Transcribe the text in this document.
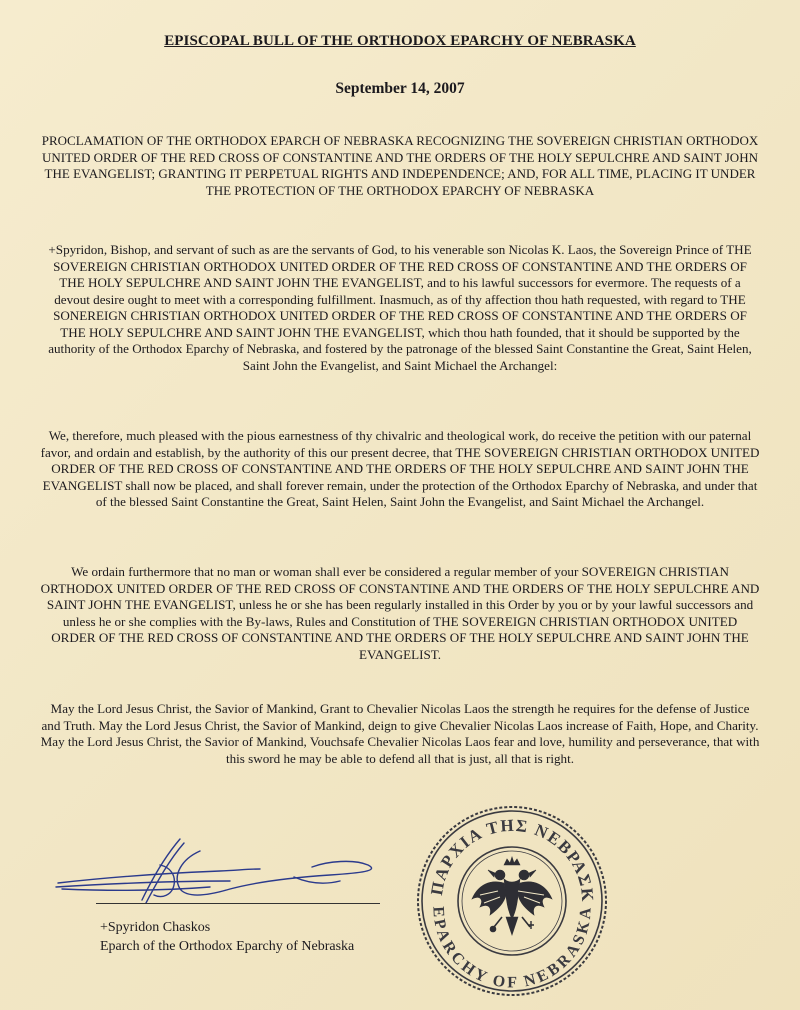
EPISCOPAL BULL OF THE ORTHODOX EPARCHY OF NEBRASKA
September 14, 2007

PROCLAMATION OF THE ORTHODOX EPARCH OF NEBRASKA RECOGNIZING THE SOVEREIGN CHRISTIAN ORTHODOX UNITED ORDER OF THE RED CROSS OF CONSTANTINE AND THE ORDERS OF THE HOLY SEPULCHRE AND SAINT JOHN THE EVANGELIST; GRANTING IT PERPETUAL RIGHTS AND INDEPENDENCE; AND, FOR ALL TIME, PLACING IT UNDER THE PROTECTION OF THE ORTHODOX EPARCHY OF NEBRASKA

+Spyridon, Bishop, and servant of such as are the servants of God, to his venerable son Nicolas K. Laos, the Sovereign Prince of THE SOVEREIGN CHRISTIAN ORTHODOX UNITED ORDER OF THE RED CROSS OF CONSTANTINE AND THE ORDERS OF THE HOLY SEPULCHRE AND SAINT JOHN THE EVANGELIST, and to his lawful successors for evermore. The requests of a devout desire ought to meet with a corresponding fulfillment. Inasmuch, as of thy affection thou hath requested, with regard to THE SONEREIGN CHRISTIAN ORTHODOX UNITED ORDER OF THE RED CROSS OF CONSTANTINE AND THE ORDERS OF THE HOLY SEPULCHRE AND SAINT JOHN THE EVANGELIST, which thou hath founded, that it should be supported by the authority of the Orthodox Eparchy of Nebraska, and fostered by the patronage of the blessed Saint Constantine the Great, Saint Helen, Saint John the Evangelist, and Saint Michael the Archangel:

We, therefore, much pleased with the pious earnestness of thy chivalric and theological work, do receive the petition with our paternal favor, and ordain and establish, by the authority of this our present decree, that THE SOVEREIGN CHRISTIAN ORTHODOX UNITED ORDER OF THE RED CROSS OF CONSTANTINE AND THE ORDERS OF THE HOLY SEPULCHRE AND SAINT JOHN THE EVANGELIST shall now be placed, and shall forever remain, under the protection of the Orthodox Eparchy of Nebraska, and under that of the blessed Saint Constantine the Great, Saint Helen, Saint John the Evangelist, and Saint Michael the Archangel.

We ordain furthermore that no man or woman shall ever be considered a regular member of your SOVEREIGN CHRISTIAN ORTHODOX UNITED ORDER OF THE RED CROSS OF CONSTANTINE AND THE ORDERS OF THE HOLY SEPULCHRE AND SAINT JOHN THE EVANGELIST, unless he or she has been regularly installed in this Order by you or by your lawful successors and unless he or she complies with the By-laws, Rules and Constitution of THE SOVEREIGN CHRISTIAN ORTHODOX UNITED ORDER OF THE RED CROSS OF CONSTANTINE AND THE ORDERS OF THE HOLY SEPULCHRE AND SAINT JOHN THE EVANGELIST.

May the Lord Jesus Christ, the Savior of Mankind, Grant to Chevalier Nicolas Laos the strength he requires for the defense of Justice and Truth. May the Lord Jesus Christ, the Savior of Mankind, deign to give Chevalier Nicolas Laos increase of Faith, Hope, and Charity. May the Lord Jesus Christ, the Savior of Mankind, Vouchsafe Chevalier Nicolas Laos fear and love, humility and perseverance, that with this sword he may be able to defend all that is just, all that is right.

+Spyridon Chaskos
Eparch of the Orthodox Eparchy of Nebraska
ΠΑΡΧΙΑ ΤΗΣ ΝΕΒΡΑΣΚ
EPARCHY OF NEBRASKA
